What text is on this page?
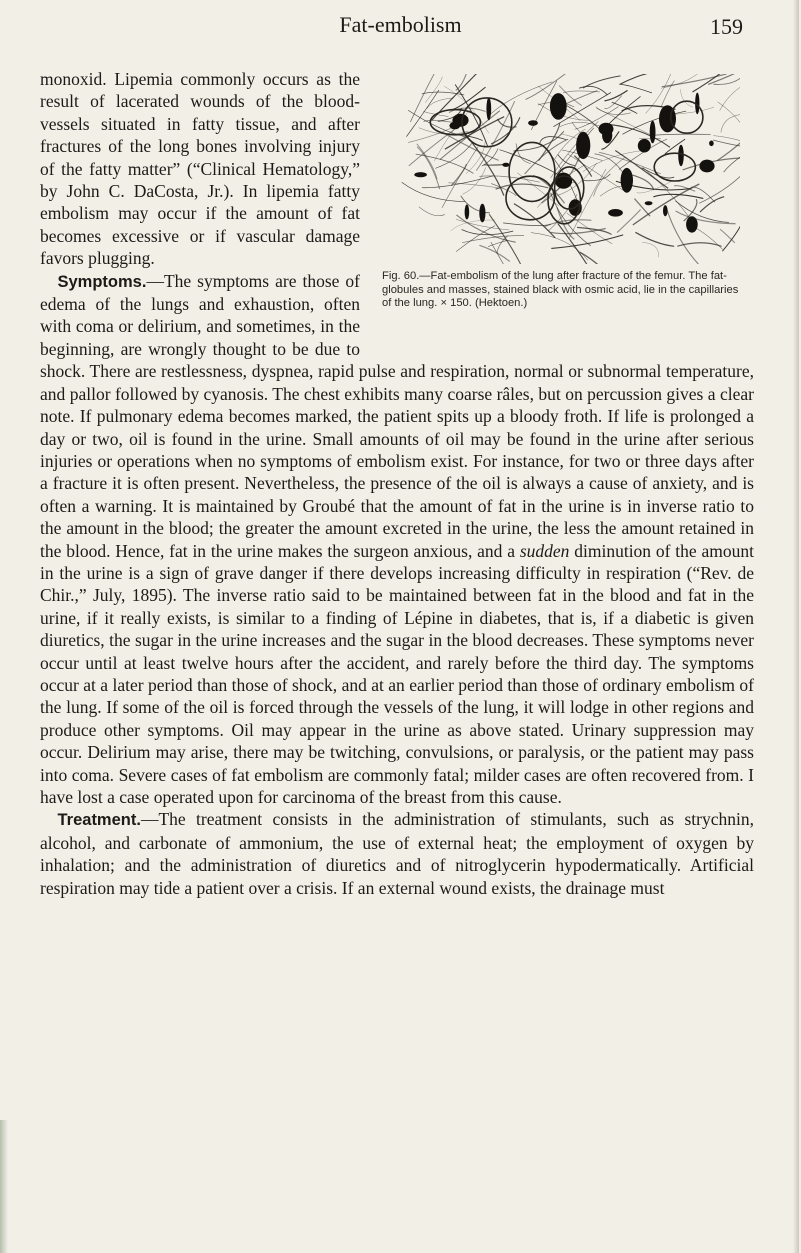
Fat-embolism	159

Fig. 60.—Fat-embolism of the lung after fracture of the femur. The fat-globules and masses, stained black with osmic acid, lie in the capillaries of the lung. × 150. (Hektoen.)
monoxid. Lipemia commonly occurs as the result of lacerated wounds of the blood-vessels situated in fatty tissue, and after fractures of the long bones involving injury of the fatty matter” (“Clinical Hematology,” by John C. DaCosta, Jr.). In lipemia fatty embolism may occur if the amount of fat becomes excessive or if vascular damage favors plugging.

 Symptoms.—The symptoms are those of edema of the lungs and exhaustion, often with coma or delirium, and sometimes, in the beginning, are wrongly thought to be due to shock. There are restlessness, dyspnea, rapid pulse and respiration, normal or subnormal temperature, and pallor followed by cyanosis. The chest exhibits many coarse râles, but on percussion gives a clear note. If pulmonary edema becomes marked, the patient spits up a bloody froth. If life is prolonged a day or two, oil is found in the urine. Small amounts of oil may be found in the urine after serious injuries or operations when no symptoms of embolism exist. For instance, for two or three days after a fracture it is often present. Nevertheless, the presence of the oil is always a cause of anxiety, and is often a warning. It is maintained by Groubé that the amount of fat in the urine is in inverse ratio to the amount in the blood; the greater the amount excreted in the urine, the less the amount retained in the blood. Hence, fat in the urine makes the surgeon anxious, and a sudden diminution of the amount in the urine is a sign of grave danger if there develops increasing difficulty in respiration (“Rev. de Chir.,” July, 1895). The inverse ratio said to be maintained between fat in the blood and fat in the urine, if it really exists, is similar to a finding of Lépine in diabetes, that is, if a diabetic is given diuretics, the sugar in the urine increases and the sugar in the blood decreases. These symptoms never occur until at least twelve hours after the accident, and rarely before the third day. The symptoms occur at a later period than those of shock, and at an earlier period than those of ordinary embolism of the lung. If some of the oil is forced through the vessels of the lung, it will lodge in other regions and produce other symptoms. Oil may appear in the urine as above stated. Urinary suppression may occur. Delirium may arise, there may be twitching, convulsions, or paralysis, or the patient may pass into coma. Severe cases of fat embolism are commonly fatal; milder cases are often recovered from. I have lost a case operated upon for carcinoma of the breast from this cause.

 Treatment.—The treatment consists in the administration of stimulants, such as strychnin, alcohol, and carbonate of ammonium, the use of external heat; the employment of oxygen by inhalation; and the administration of diuretics and of nitroglycerin hypodermatically. Artificial respiration may tide a patient over a crisis. If an external wound exists, the drainage must
